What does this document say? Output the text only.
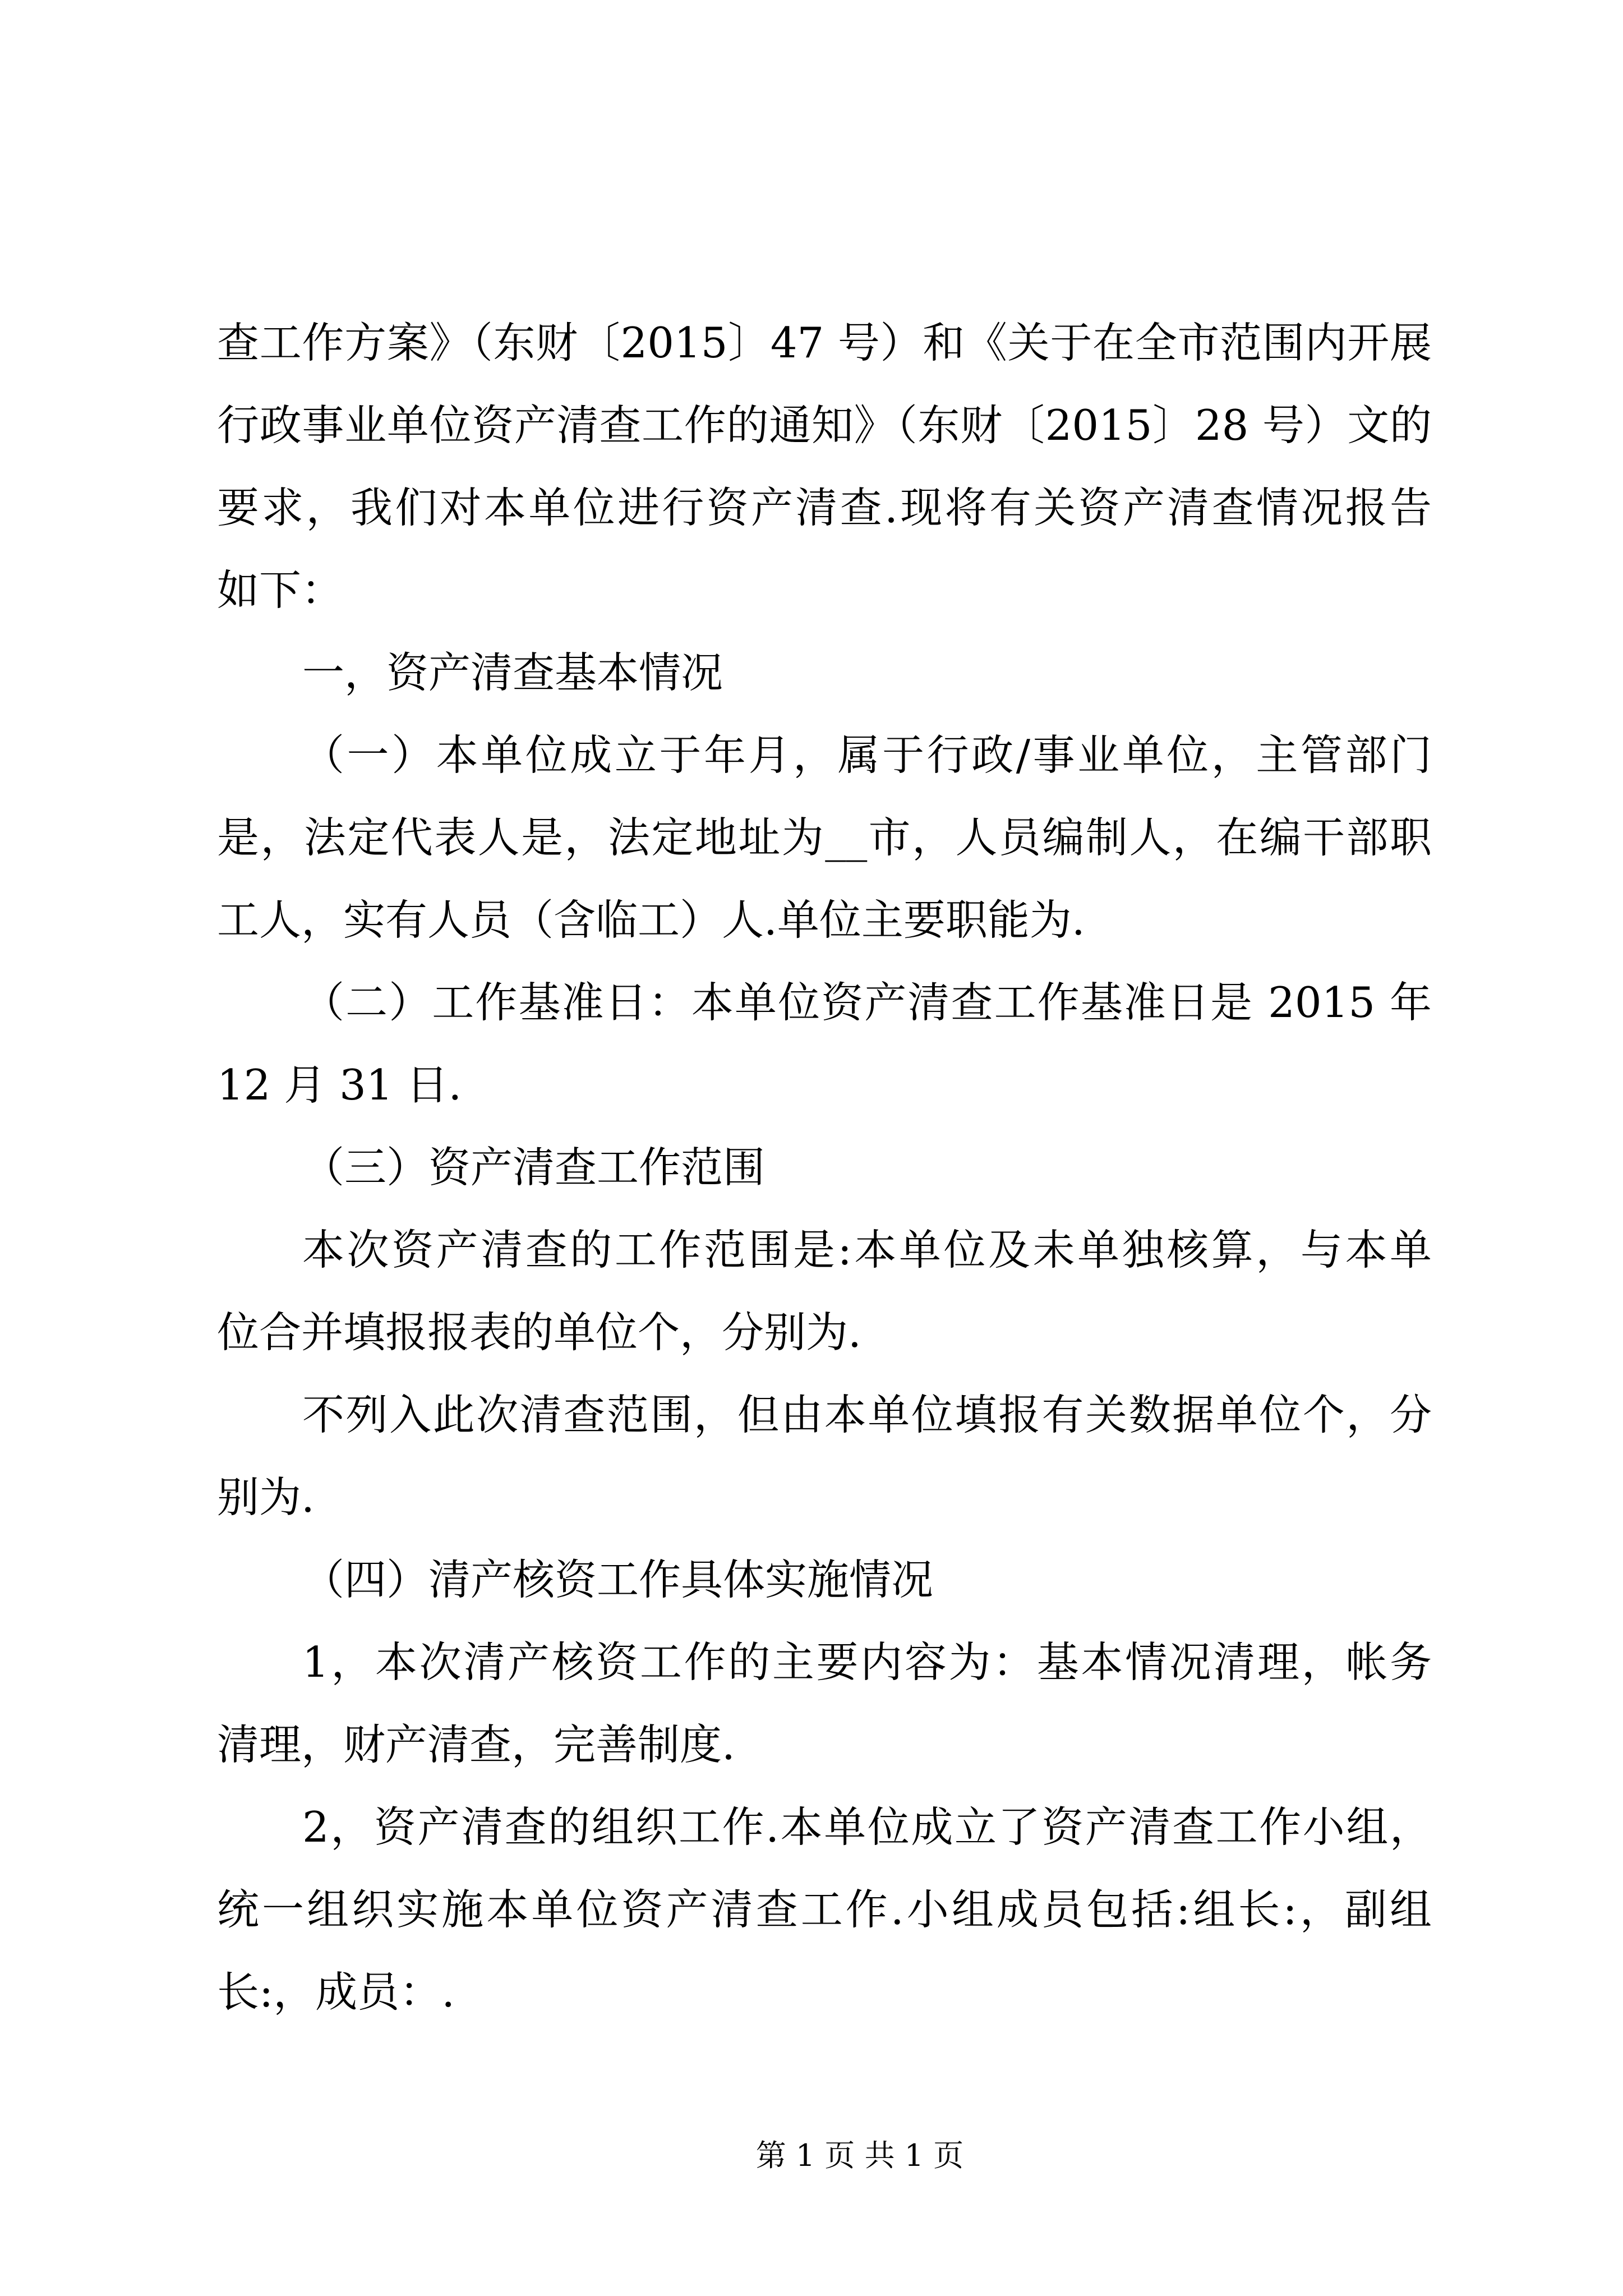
查工作方案》（东财〔2015〕47 号）和《关于在全市范围内开展
行政事业单位资产清查工作的通知》（东财〔2015〕28 号）文的
要求，我们对本单位进行资产清查.现将有关资产清查情况报告
如下：
一，资产清查基本情况
（一）本单位成立于年月，属于行政/事业单位，主管部门
是，法定代表人是，法定地址为__市，人员编制人，在编干部职
工人，实有人员（含临工）人.单位主要职能为.
（二）工作基准日：本单位资产清查工作基准日是 2015 年
12 月 31 日.
（三）资产清查工作范围
本次资产清查的工作范围是:本单位及未单独核算，与本单
位合并填报报表的单位个，分别为.
不列入此次清查范围，但由本单位填报有关数据单位个，分
别为.
（四）清产核资工作具体实施情况
1，本次清产核资工作的主要内容为：基本情况清理，帐务
清理，财产清查，完善制度.
2，资产清查的组织工作.本单位成立了资产清查工作小组，
统一组织实施本单位资产清查工作.小组成员包括:组长:，副组
长:，成员：.
第 1 页 共 1 页
